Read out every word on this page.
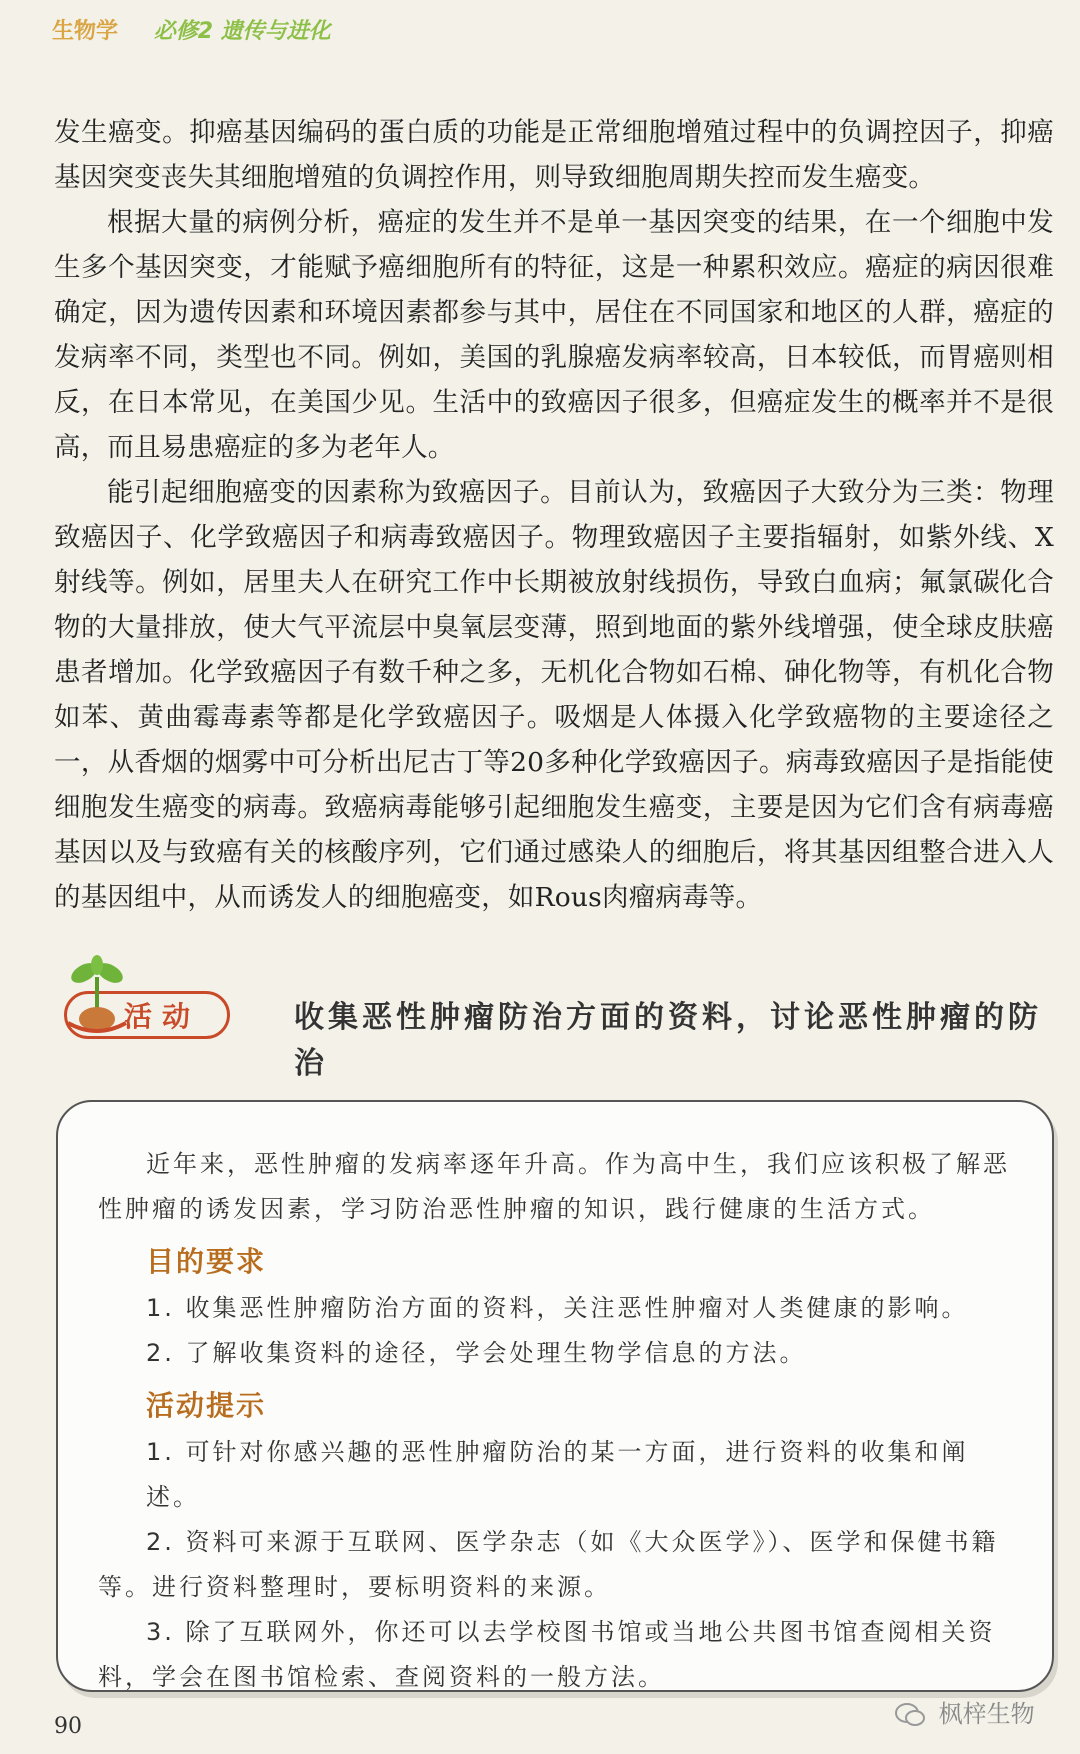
生物学 必修2 遗传与进化

发生癌变。抑癌基因编码的蛋白质的功能是正常细胞增殖过程中的负调控因子，抑癌基因突变丧失其细胞增殖的负调控作用，则导致细胞周期失控而发生癌变。

根据大量的病例分析，癌症的发生并不是单一基因突变的结果，在一个细胞中发生多个基因突变，才能赋予癌细胞所有的特征，这是一种累积效应。癌症的病因很难确定，因为遗传因素和环境因素都参与其中，居住在不同国家和地区的人群，癌症的发病率不同，类型也不同。例如，美国的乳腺癌发病率较高，日本较低，而胃癌则相反，在日本常见，在美国少见。生活中的致癌因子很多，但癌症发生的概率并不是很高，而且易患癌症的多为老年人。

能引起细胞癌变的因素称为致癌因子。目前认为，致癌因子大致分为三类：物理致癌因子、化学致癌因子和病毒致癌因子。物理致癌因子主要指辐射，如紫外线、X射线等。例如，居里夫人在研究工作中长期被放射线损伤，导致白血病；氟氯碳化合物的大量排放，使大气平流层中臭氧层变薄，照到地面的紫外线增强，使全球皮肤癌患者增加。化学致癌因子有数千种之多，无机化合物如石棉、砷化物等，有机化合物如苯、黄曲霉毒素等都是化学致癌因子。吸烟是人体摄入化学致癌物的主要途径之一，从香烟的烟雾中可分析出尼古丁等20多种化学致癌因子。病毒致癌因子是指能使细胞发生癌变的病毒。致癌病毒能够引起细胞发生癌变，主要是因为它们含有病毒癌基因以及与致癌有关的核酸序列，它们通过感染人的细胞后，将其基因组整合进入人的基因组中，从而诱发人的细胞癌变，如Rous肉瘤病毒等。

活动	收集恶性肿瘤防治方面的资料，讨论恶性肿瘤的防治

近年来，恶性肿瘤的发病率逐年升高。作为高中生，我们应该积极了解恶性肿瘤的诱发因素，学习防治恶性肿瘤的知识，践行健康的生活方式。

目的要求

1. 收集恶性肿瘤防治方面的资料，关注恶性肿瘤对人类健康的影响。

2. 了解收集资料的途径，学会处理生物学信息的方法。

活动提示

1. 可针对你感兴趣的恶性肿瘤防治的某一方面，进行资料的收集和阐述。

2. 资料可来源于互联网、医学杂志（如《大众医学》）、医学和保健书籍等。进行资料整理时，要标明资料的来源。

3. 除了互联网外，你还可以去学校图书馆或当地公共图书馆查阅相关资料，学会在图书馆检索、查阅资料的一般方法。

90	枫梓生物
